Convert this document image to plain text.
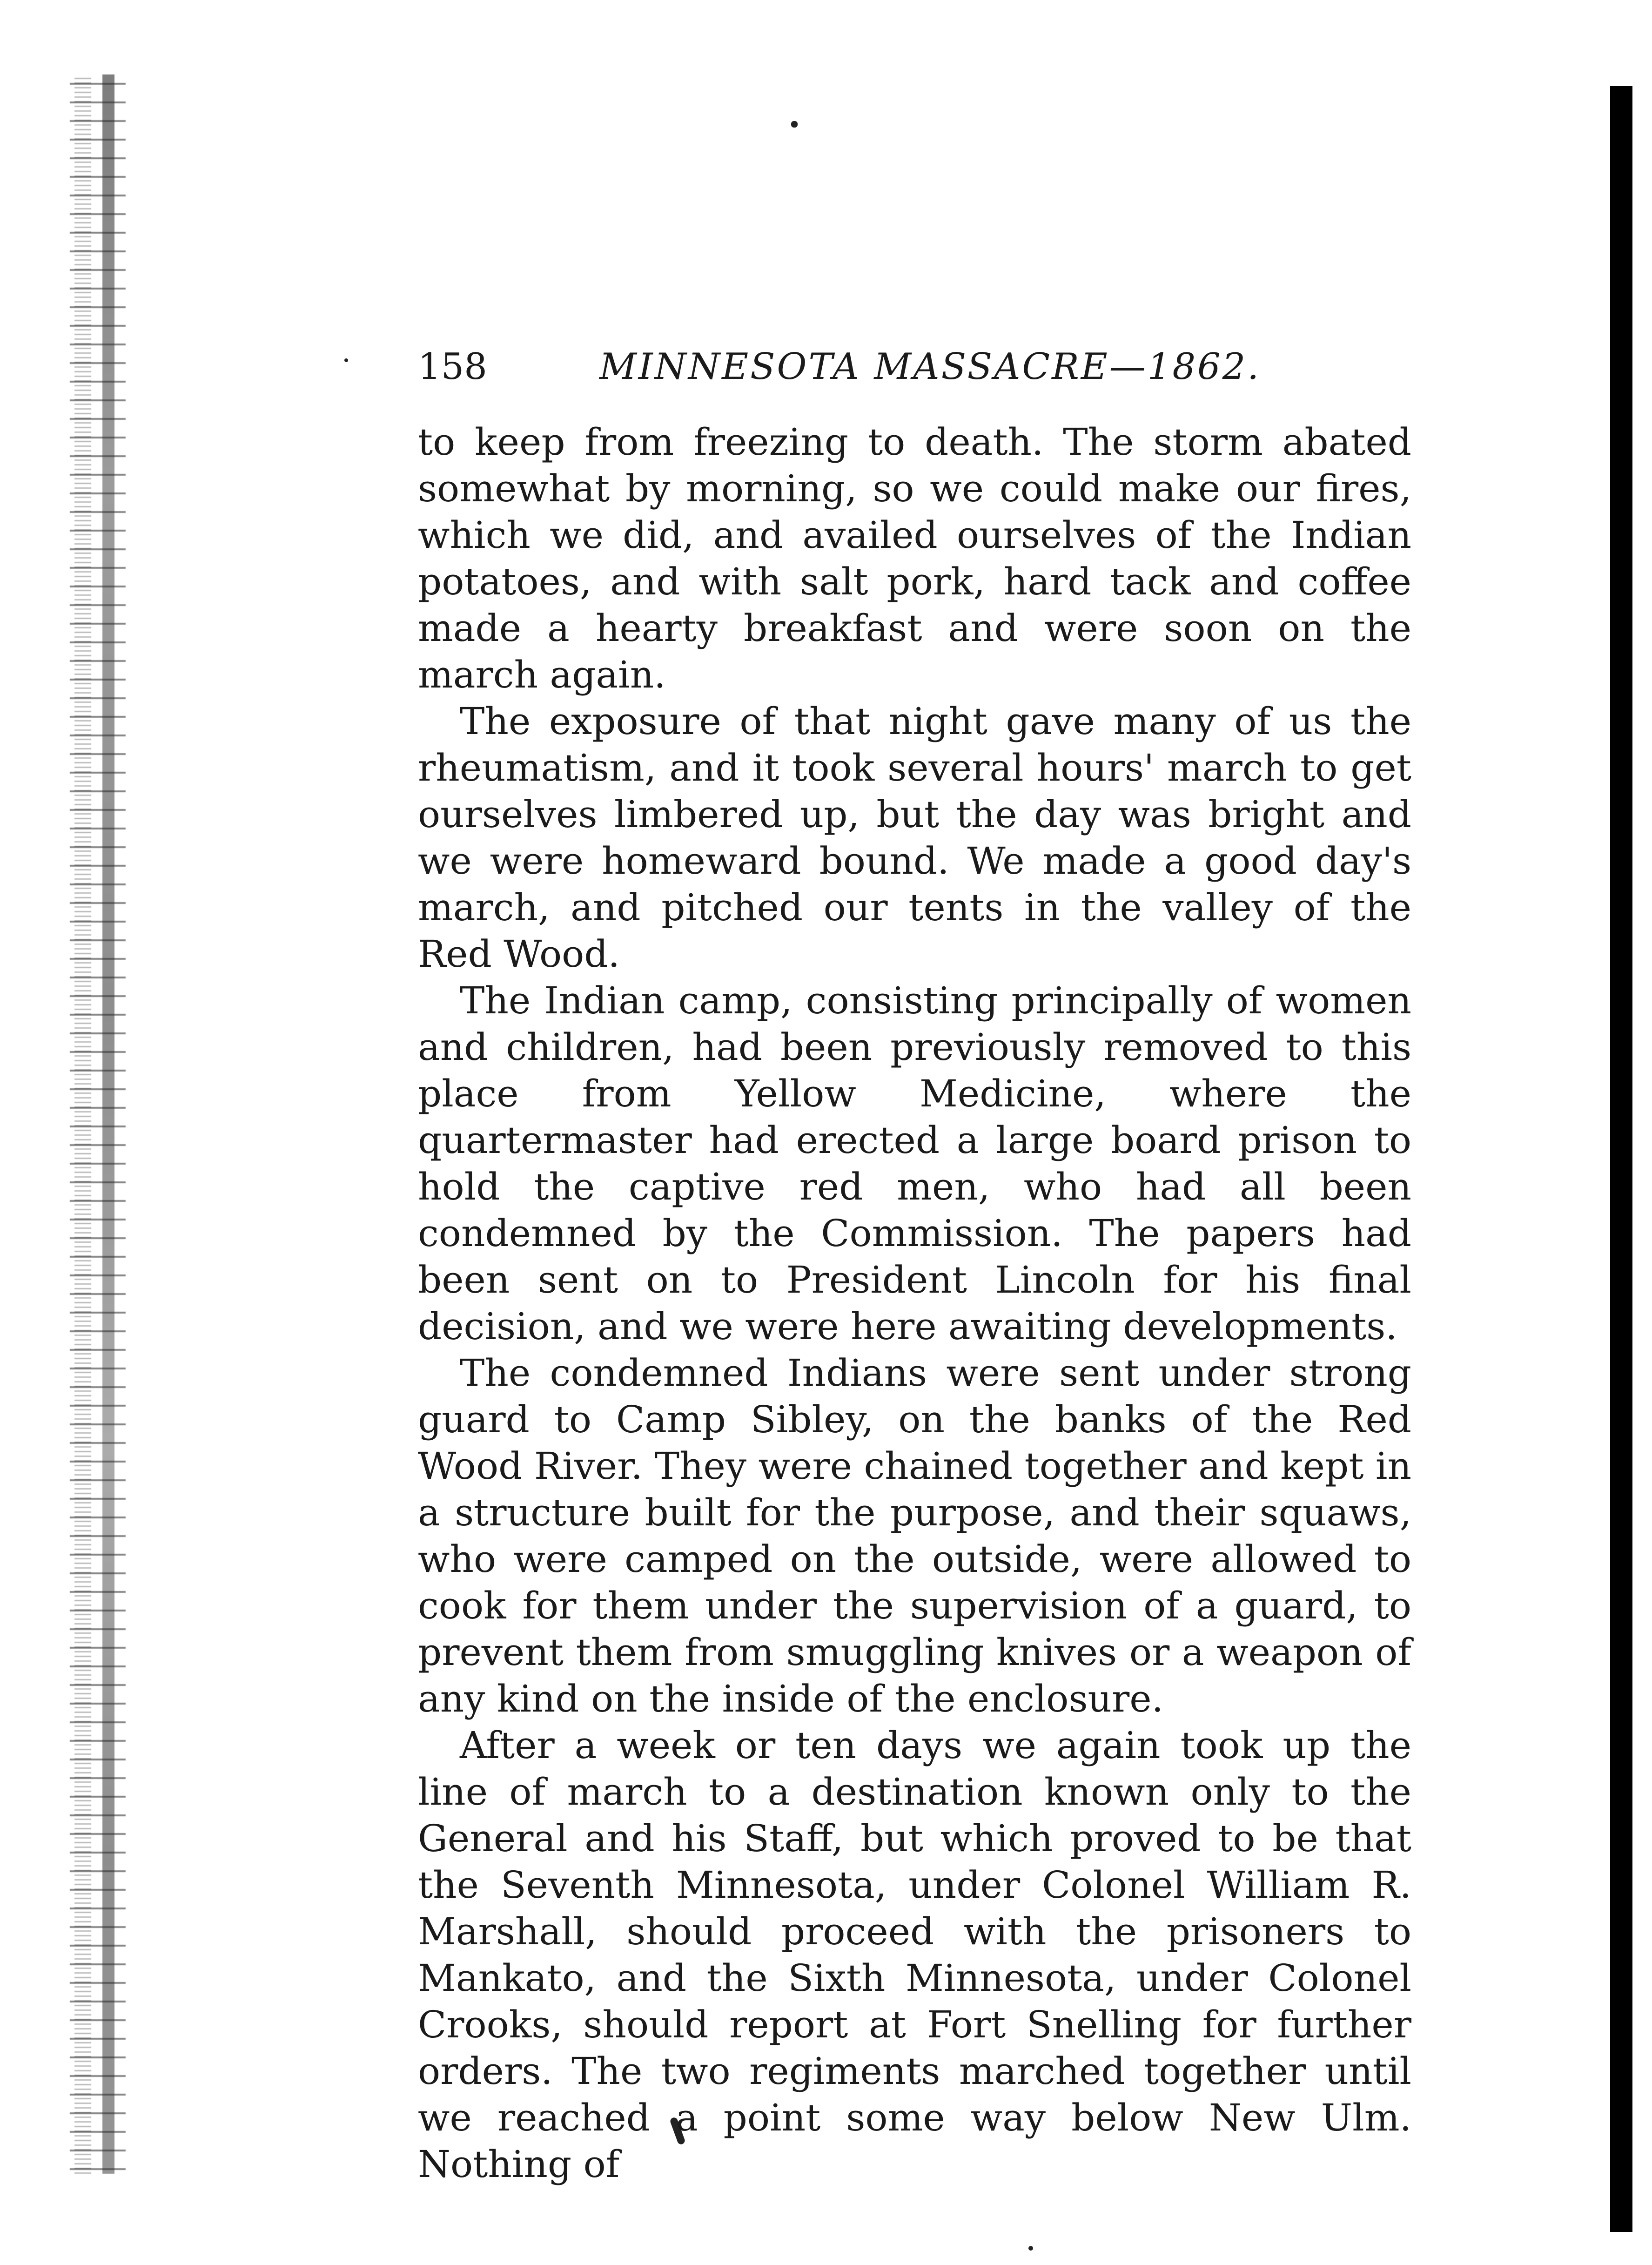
158	MINNESOTA MASSACRE—1862.

to keep from freezing to death. The storm abated somewhat by morning, so we could make our fires, which we did, and availed ourselves of the Indian potatoes, and with salt pork, hard tack and coffee made a hearty breakfast and were soon on the march again.

The exposure of that night gave many of us the rheumatism, and it took several hours' march to get ourselves limbered up, but the day was bright and we were homeward bound. We made a good day's march, and pitched our tents in the valley of the Red Wood.

The Indian camp, consisting principally of women and children, had been previously removed to this place from Yellow Medicine, where the quartermaster had erected a large board prison to hold the captive red men, who had all been condemned by the Commission. The papers had been sent on to President Lincoln for his final decision, and we were here awaiting developments.

The condemned Indians were sent under strong guard to Camp Sibley, on the banks of the Red Wood River. They were chained together and kept in a structure built for the purpose, and their squaws, who were camped on the outside, were allowed to cook for them under the supervision of a guard, to prevent them from smuggling knives or a weapon of any kind on the inside of the enclosure.

After a week or ten days we again took up the line of march to a destination known only to the General and his Staff, but which proved to be that the Seventh Minnesota, under Colonel William R. Marshall, should proceed with the prisoners to Mankato, and the Sixth Minnesota, under Colonel Crooks, should report at Fort Snelling for further orders. The two regiments marched together until we reached a point some way below New Ulm. Nothing of
